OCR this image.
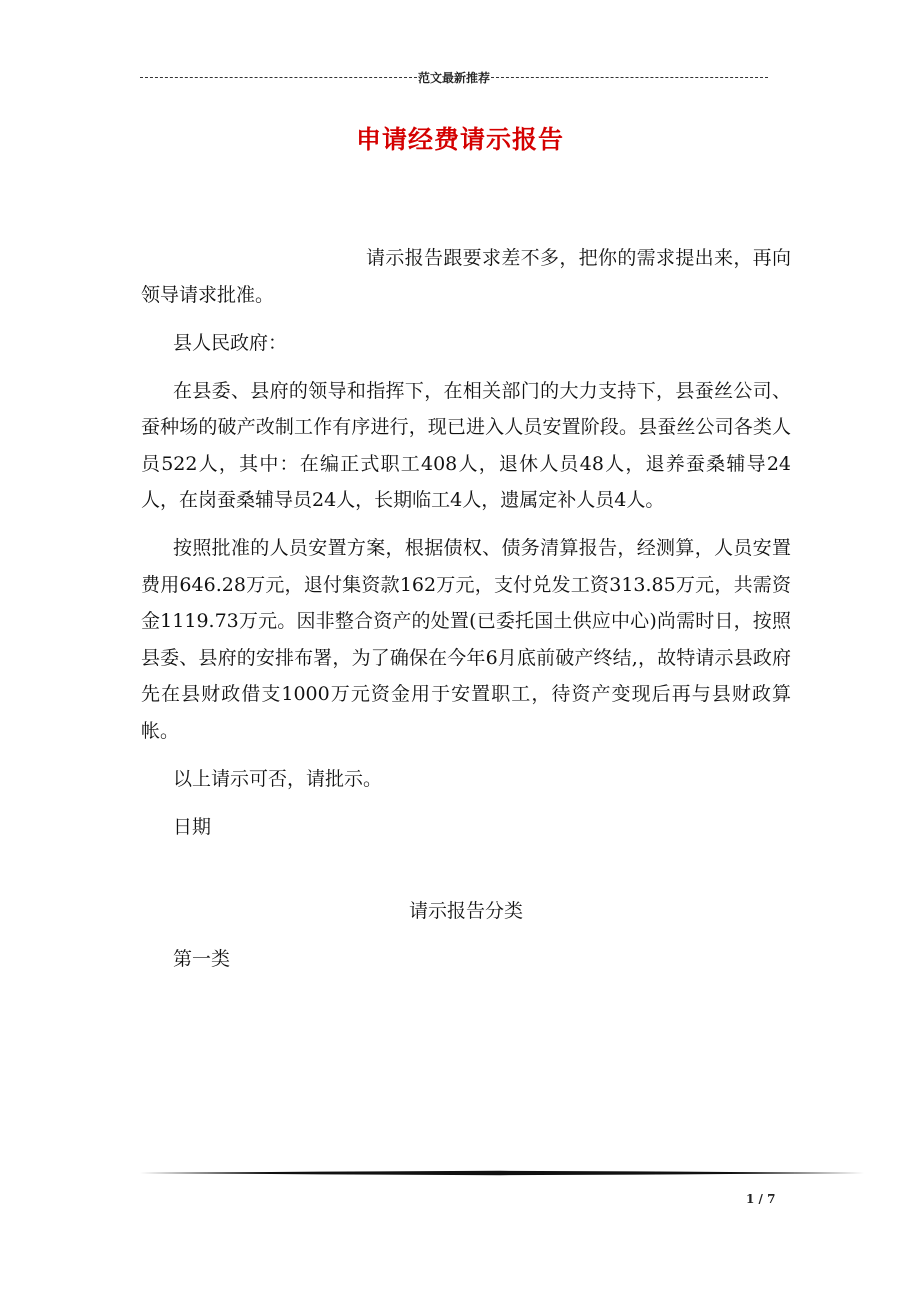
范文最新推荐
申请经费请示报告

请示报告跟要求差不多，把你的需求提出来，再向领导请求批准。

县人民政府：

在县委、县府的领导和指挥下，在相关部门的大力支持下，县蚕丝公司、蚕种场的破产改制工作有序进行，现已进入人员安置阶段。县蚕丝公司各类人员522人，其中：在编正式职工408人，退休人员48人，退养蚕桑辅导24人，在岗蚕桑辅导员24人，长期临工4人，遗属定补人员4人。

按照批准的人员安置方案，根据债权、债务清算报告，经测算，人员安置费用646.28万元，退付集资款162万元，支付兑发工资313.85万元，共需资金1119.73万元。因非整合资产的处置(已委托国土供应中心)尚需时日，按照县委、县府的安排布署，为了确保在今年6月底前破产终结,，故特请示县政府先在县财政借支1000万元资金用于安置职工，待资产变现后再与县财政算帐。

以上请示可否，请批示。

日期

请示报告分类

第一类

1 / 7
